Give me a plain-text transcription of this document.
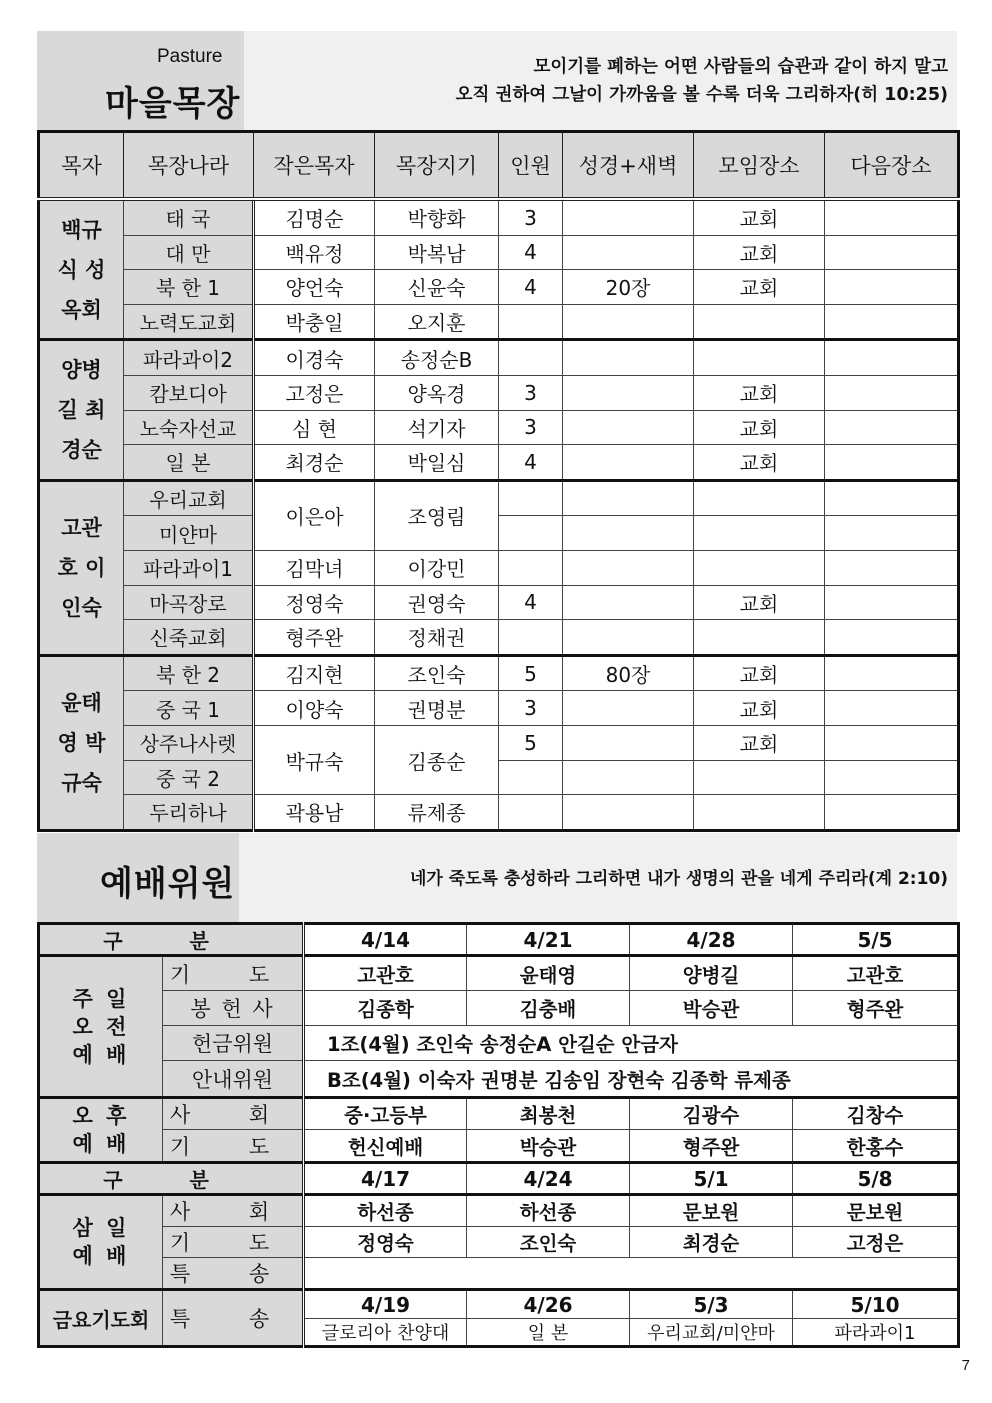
Pasture
마을목장
모이기를 폐하는 어떤 사람들의 습관과 같이 하지 말고
오직 권하여 그날이 가까움을 볼 수록 더욱 그리하자(히 10:25)
목자	목장나라	작은목자	목장지기	인원	성경+새벽	모임장소	다음장소

백규식 성옥회	태 국	김명순	박향화	3		교회	
	대 만	백유정	박복남	4		교회	
	북 한 1	양언숙	신윤숙	4	20장	교회	
	노력도교회	박충일	오지훈				

양병길 최경순	파라과이2	이경숙	송정순B				
	캄보디아	고정은	양옥경	3		교회	
	노숙자선교	심 현	석기자	3		교회	
	일 본	최경순	박일심	4		교회	

고관호 이인숙	우리교회	이은아	조영림				
	미얀마						
	파라과이1	김막녀	이강민				
	마곡장로	정영숙	권영숙	4		교회	
	신죽교회	형주완	정채권				

윤태영 박규숙	북 한 2	김지현	조인숙	5	80장	교회	
	중 국 1	이양숙	권명분	3		교회	
	상주나사렛	박규숙	김종순	5		교회	
	중 국 2						
	두리하나	곽용남	류제종				
예배위원	네가 죽도록 충성하라 그리하면 내가 생명의 관을 네게 주리라(계 2:10)
구 분		4/14	4/21	4/28	5/5

주 일 오 전 예 배	기 도	고관호	윤태영	양병길	고관호
	봉 헌 사	김종학	김충배	박승관	형주완
	헌금위원	1조(4월) 조인숙 송정순A 안길순 안금자			
	안내위원	B조(4월) 이숙자 권명분 김송임 장현숙 김종학 류제종			

오 후 예 배	사 회	중·고등부	최봉천	김광수	김창수
	기 도	헌신예배	박승관	형주완	한홍수
구 분		4/17	4/24	5/1	5/8

삼 일 예 배	사 회	하선종	하선종	문보원	문보원
	기 도	정영숙	조인숙	최경순	고정은
	특 송				
금요기도회	특 송	4/19	4/26	5/3	5/10
		글로리아 찬양대	일 본	우리교회/미얀마	파라과이1
7
